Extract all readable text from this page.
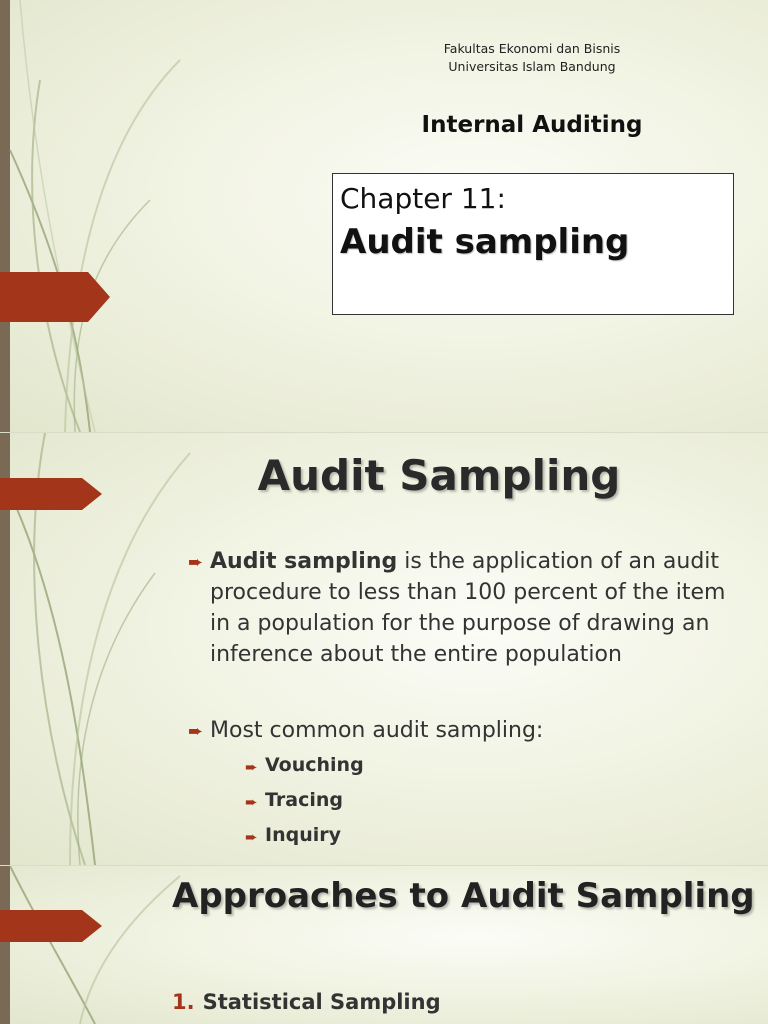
Fakultas Ekonomi dan Bisnis
Universitas Islam Bandung
Internal Auditing
Chapter 11:
Audit sampling
Audit Sampling
➨ Audit sampling is the application of an audit procedure to less than 100 percent of the item in a population for the purpose of drawing an inference about the entire population
➨ Most common audit sampling:
➨ Vouching
➨ Tracing
➨ Inquiry
Approaches to Audit Sampling
1. Statistical Sampling
